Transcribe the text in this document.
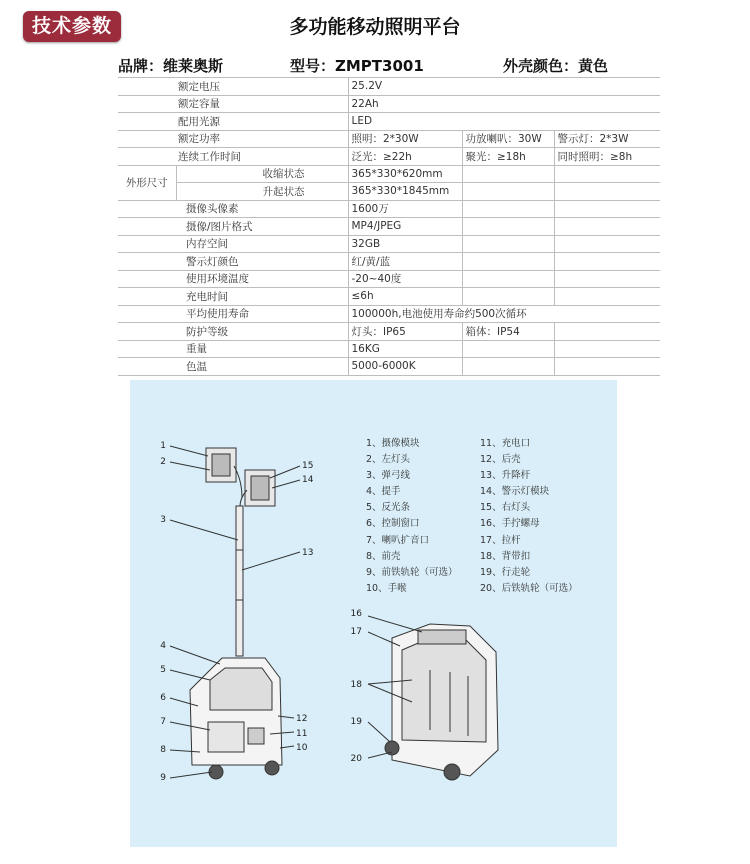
技术参数	多功能移动照明平台
品牌：维莱奥斯	型号：ZMPT3001	外壳颜色：黄色
额定电压		25.2V		
额定容量		22Ah		
配用光源		LED		
额定功率		照明：2*30W	功放喇叭：30W	警示灯：2*3W
连续工作时间		泛光：≥22h	聚光：≥18h	同时照明：≥8h
外形尺寸	收缩状态	365*330*620mm		
	升起状态	365*330*1845mm		
摄像头像素		1600万		
摄像/图片格式		MP4/JPEG		
内存空间		32GB		
警示灯颜色		红/黄/蓝		
使用环境温度		-20~40度		
充电时间		≤6h		
平均使用寿命		100000h,电池使用寿命约500次循环		
防护等级		灯头：IP65	箱体：IP54	
重量		16KG		
色温		5000-6000K		
1
2
3
4
5
6
7
8
9
10
11
12
13
14
15
16
17
18
19
20
1、摄像模块
2、左灯头
3、弹弓线
4、提手
5、反光条
6、控制窗口
7、喇叭扩音口
8、前壳
9、前铁轨轮（可选）
10、手喉
11、充电口
12、后壳
13、升降杆
14、警示灯模块
15、右灯头
16、手拧螺母
17、拉杆
18、背带扣
19、行走轮
20、后铁轨轮（可选）
